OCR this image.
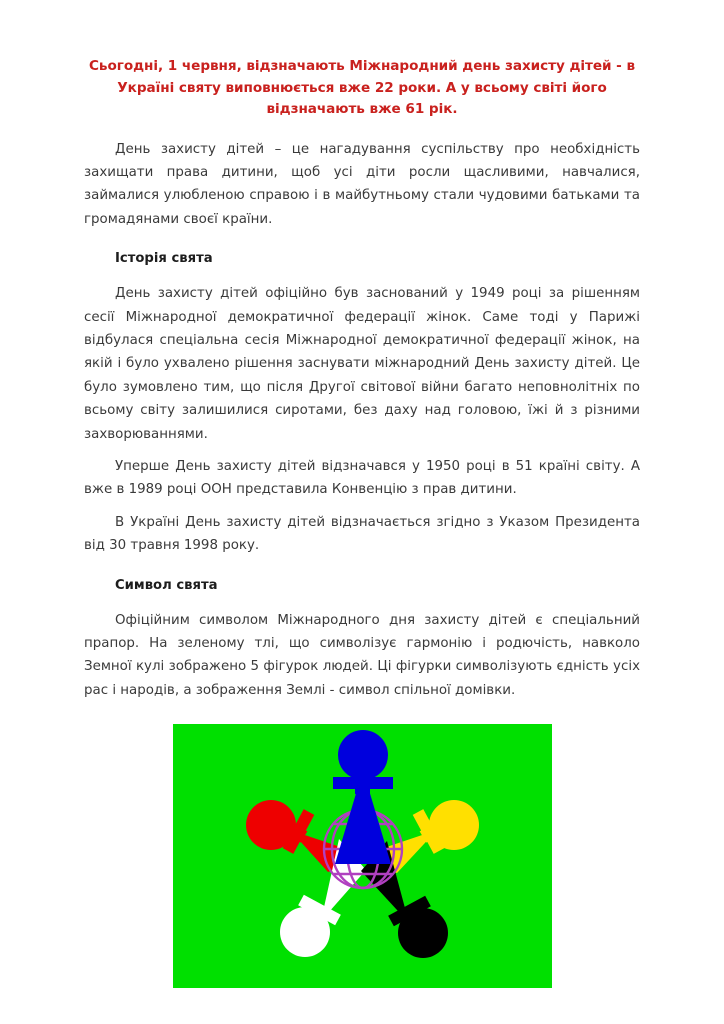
Сьогодні, 1 червня, відзначають Міжнародний день захисту дітей - в Україні святу виповнюється вже 22 роки. А у всьому світі його відзначають вже 61 рік.

День захисту дітей – це нагадування суспільству про необхідність захищати права дитини, щоб усі діти росли щасливими, навчалися, займалися улюбленою справою і в майбутньому стали чудовими батьками та громадянами своєї країни.

Історія свята

День захисту дітей офіційно був заснований у 1949 році за рішенням сесії Міжнародної демократичної федерації жінок. Саме тоді у Парижі відбулася спеціальна сесія Міжнародної демократичної федерації жінок, на якій і було ухвалено рішення заснувати міжнародний День захисту дітей. Це було зумовлено тим, що після Другої світової війни багато неповнолітніх по всьому світу залишилися сиротами, без даху над головою, їжі й з різними захворюваннями.

Уперше День захисту дітей відзначався у 1950 році в 51 країні світу. А вже в 1989 році ООН представила Конвенцію з прав дитини.

В Україні День захисту дітей відзначається згідно з Указом Президента від 30 травня 1998 року.

Символ свята

Офіційним символом Міжнародного дня захисту дітей є спеціальний прапор. На зеленому тлі, що символізує гармонію і родючість, навколо Земної кулі зображено 5 фігурок людей. Ці фігурки символізують єдність усіх рас і народів, а зображення Землі - символ спільної домівки.
